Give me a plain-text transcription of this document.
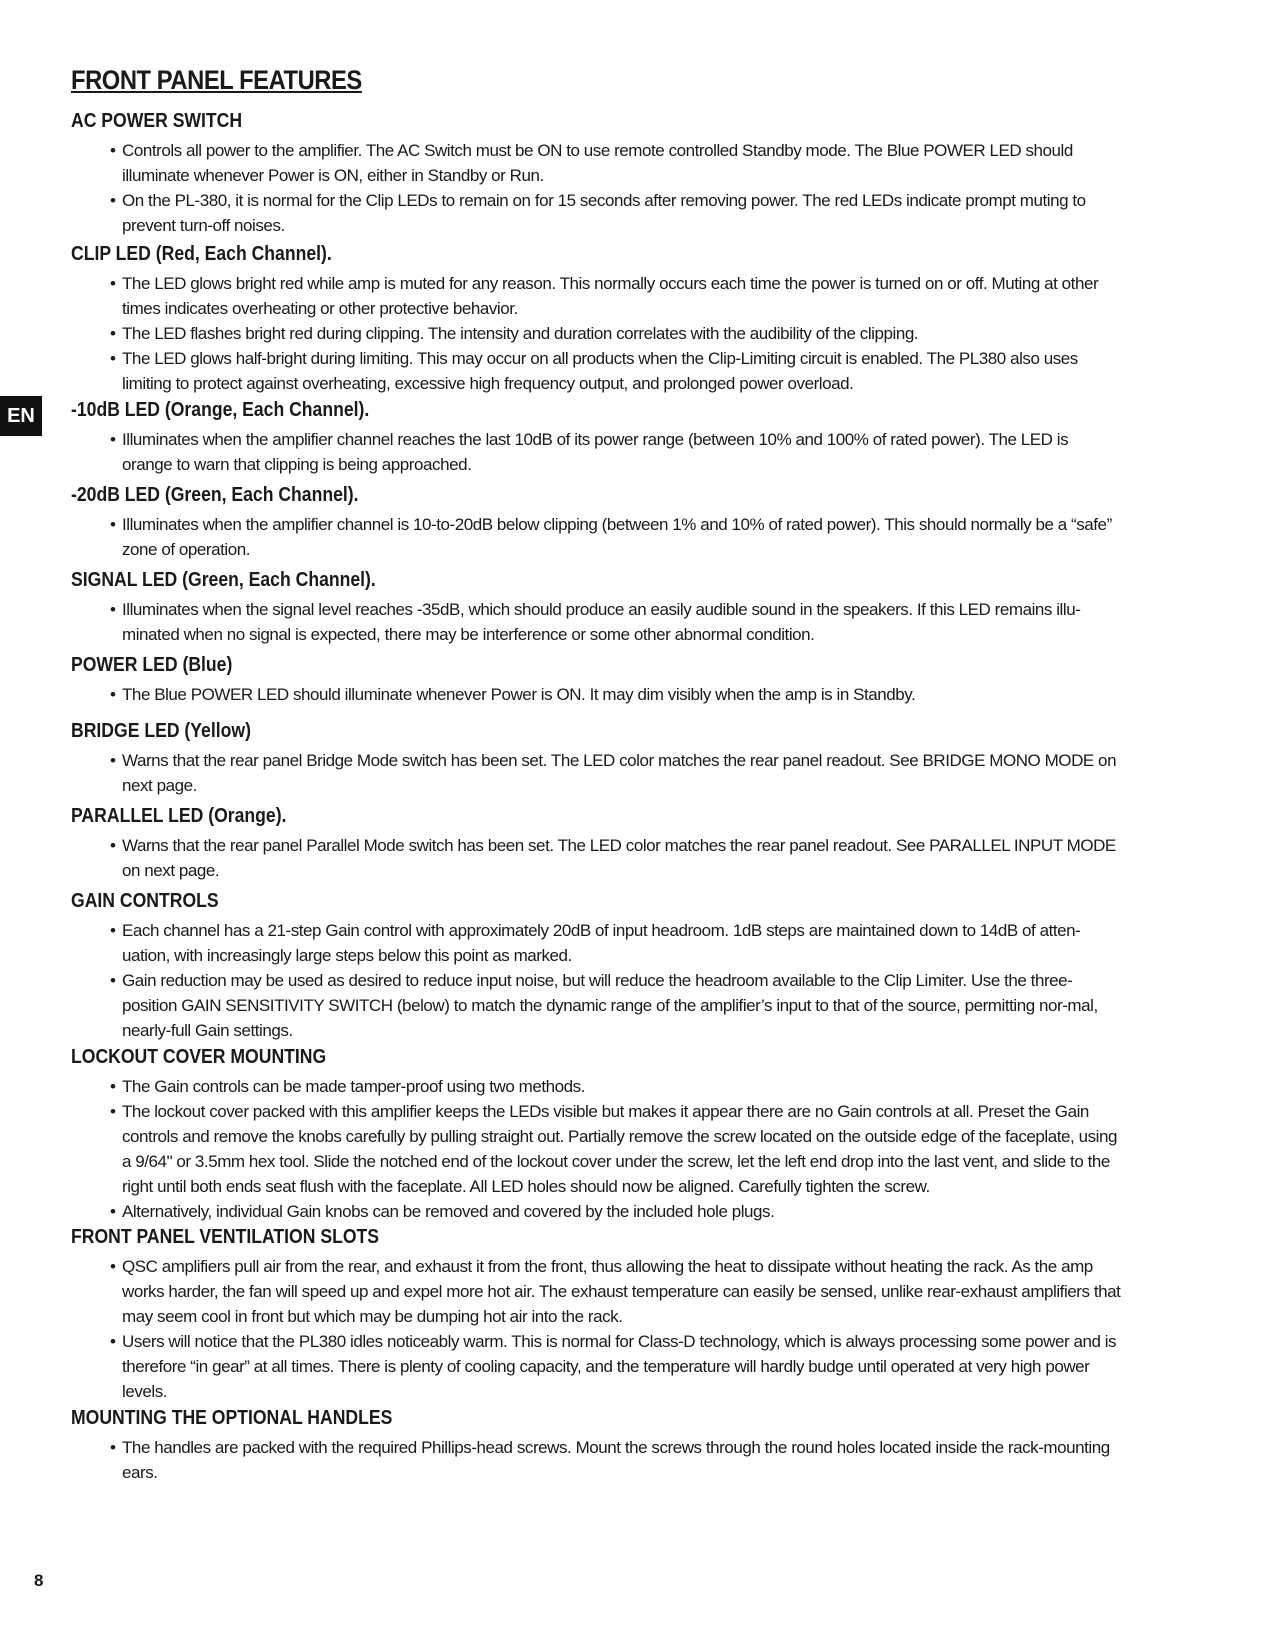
FRONT PANEL FEATURES
EN
8
AC POWER SWITCH
• Controls all power to the amplifier. The AC Switch must be ON to use remote controlled Standby mode. The Blue POWER LED should illuminate whenever Power is ON, either in Standby or Run.
• On the PL-380, it is normal for the Clip LEDs to remain on for 15 seconds after removing power. The red LEDs indicate prompt muting to prevent turn-off noises.
CLIP LED (Red, Each Channel).
• The LED glows bright red while amp is muted for any reason. This normally occurs each time the power is turned on or off. Muting at other times indicates overheating or other protective behavior.
• The LED flashes bright red during clipping. The intensity and duration correlates with the audibility of the clipping.
• The LED glows half-bright during limiting. This may occur on all products when the Clip-Limiting circuit is enabled. The PL380 also uses limiting to protect against overheating, excessive high frequency output, and prolonged power overload.
-10dB LED (Orange, Each Channel).
• Illuminates when the amplifier channel reaches the last 10dB of its power range (between 10% and 100% of rated power). The LED is orange to warn that clipping is being approached.
-20dB LED (Green, Each Channel).
• Illuminates when the amplifier channel is 10-to-20dB below clipping (between 1% and 10% of rated power). This should normally be a “safe” zone of operation.
SIGNAL LED (Green, Each Channel).
• Illuminates when the signal level reaches -35dB, which should produce an easily audible sound in the speakers. If this LED remains illu-minated when no signal is expected, there may be interference or some other abnormal condition.
POWER LED (Blue)
• The Blue POWER LED should illuminate whenever Power is ON. It may dim visibly when the amp is in Standby.
BRIDGE LED (Yellow)
• Warns that the rear panel Bridge Mode switch has been set. The LED color matches the rear panel readout. See BRIDGE MONO MODE on next page.
PARALLEL LED (Orange).
• Warns that the rear panel Parallel Mode switch has been set. The LED color matches the rear panel readout. See PARALLEL INPUT MODE on next page.
GAIN CONTROLS
• Each channel has a 21-step Gain control with approximately 20dB of input headroom. 1dB steps are maintained down to 14dB of atten-uation, with increasingly large steps below this point as marked.
• Gain reduction may be used as desired to reduce input noise, but will reduce the headroom available to the Clip Limiter. Use the three-position GAIN SENSITIVITY SWITCH (below) to match the dynamic range of the amplifier’s input to that of the source, permitting nor-mal, nearly-full Gain settings.
LOCKOUT COVER MOUNTING
• The Gain controls can be made tamper-proof using two methods.
• The lockout cover packed with this amplifier keeps the LEDs visible but makes it appear there are no Gain controls at all. Preset the Gain controls and remove the knobs carefully by pulling straight out. Partially remove the screw located on the outside edge of the faceplate, using a 9/64" or 3.5mm hex tool. Slide the notched end of the lockout cover under the screw, let the left end drop into the last vent, and slide to the right until both ends seat flush with the faceplate. All LED holes should now be aligned. Carefully tighten the screw.
• Alternatively, individual Gain knobs can be removed and covered by the included hole plugs.
FRONT PANEL VENTILATION SLOTS
• QSC amplifiers pull air from the rear, and exhaust it from the front, thus allowing the heat to dissipate without heating the rack. As the amp works harder, the fan will speed up and expel more hot air. The exhaust temperature can easily be sensed, unlike rear-exhaust amplifiers that may seem cool in front but which may be dumping hot air into the rack.
• Users will notice that the PL380 idles noticeably warm. This is normal for Class-D technology, which is always processing some power and is therefore “in gear” at all times. There is plenty of cooling capacity, and the temperature will hardly budge until operated at very high power levels.
MOUNTING THE OPTIONAL HANDLES
• The handles are packed with the required Phillips-head screws. Mount the screws through the round holes located inside the rack-mounting ears.
